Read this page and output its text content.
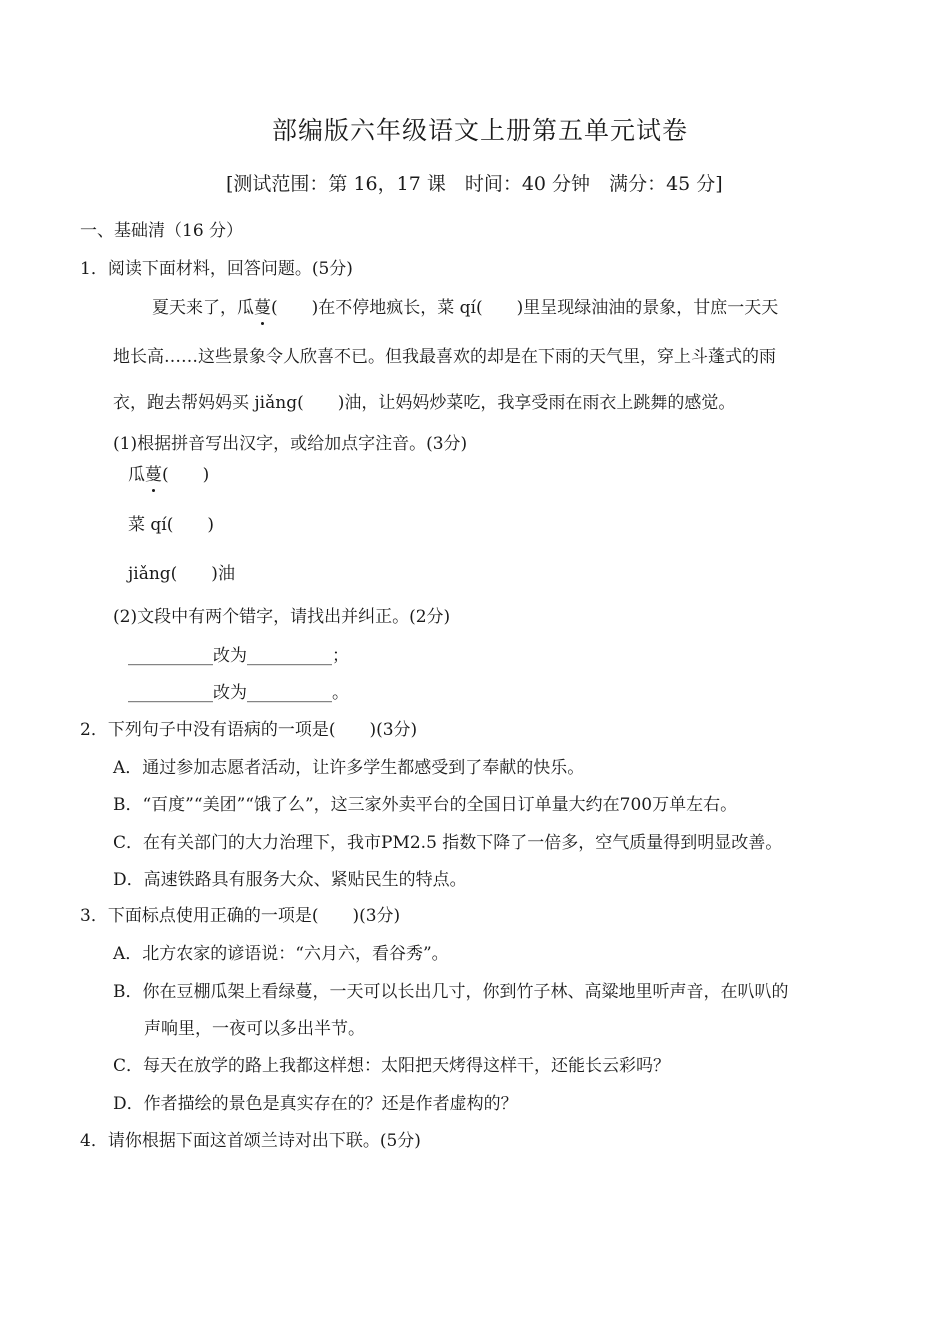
部编版六年级语文上册第五单元试卷
[测试范围：第 16，17 课　时间：40 分钟　满分：45 分]
一、基础清（16 分）
1．阅读下面材料，回答问题。(5分)
夏天来了，瓜蔓(　　)在不停地疯长，菜 qí(　　)里呈现绿油油的景象，甘庶一天天
地长高……这些景象令人欣喜不已。但我最喜欢的却是在下雨的天气里，穿上斗蓬式的雨
衣，跑去帮妈妈买 jiǎng(　　)油，让妈妈炒菜吃，我享受雨在雨衣上跳舞的感觉。
(1)根据拼音写出汉字，或给加点字注音。(3分)
瓜蔓(　　)
菜 qí(　　)
jiǎng(　　)油
(2)文段中有两个错字，请找出并纠正。(2分)
__________改为__________；
__________改为__________。
2．下列句子中没有语病的一项是(　　)(3分)
A．通过参加志愿者活动，让许多学生都感受到了奉献的快乐。
B．“百度”“美团”“饿了么”，这三家外卖平台的全国日订单量大约在700万单左右。
C．在有关部门的大力治理下，我市PM2.5 指数下降了一倍多，空气质量得到明显改善。
D．高速铁路具有服务大众、紧贴民生的特点。
3．下面标点使用正确的一项是(　　)(3分)
A．北方农家的谚语说：“六月六，看谷秀”。
B．你在豆棚瓜架上看绿蔓，一天可以长出几寸，你到竹子林、高粱地里听声音，在叭叭的
声响里，一夜可以多出半节。
C．每天在放学的路上我都这样想：太阳把天烤得这样干，还能长云彩吗？
D．作者描绘的景色是真实存在的？还是作者虚构的？
4．请你根据下面这首颂兰诗对出下联。(5分)
